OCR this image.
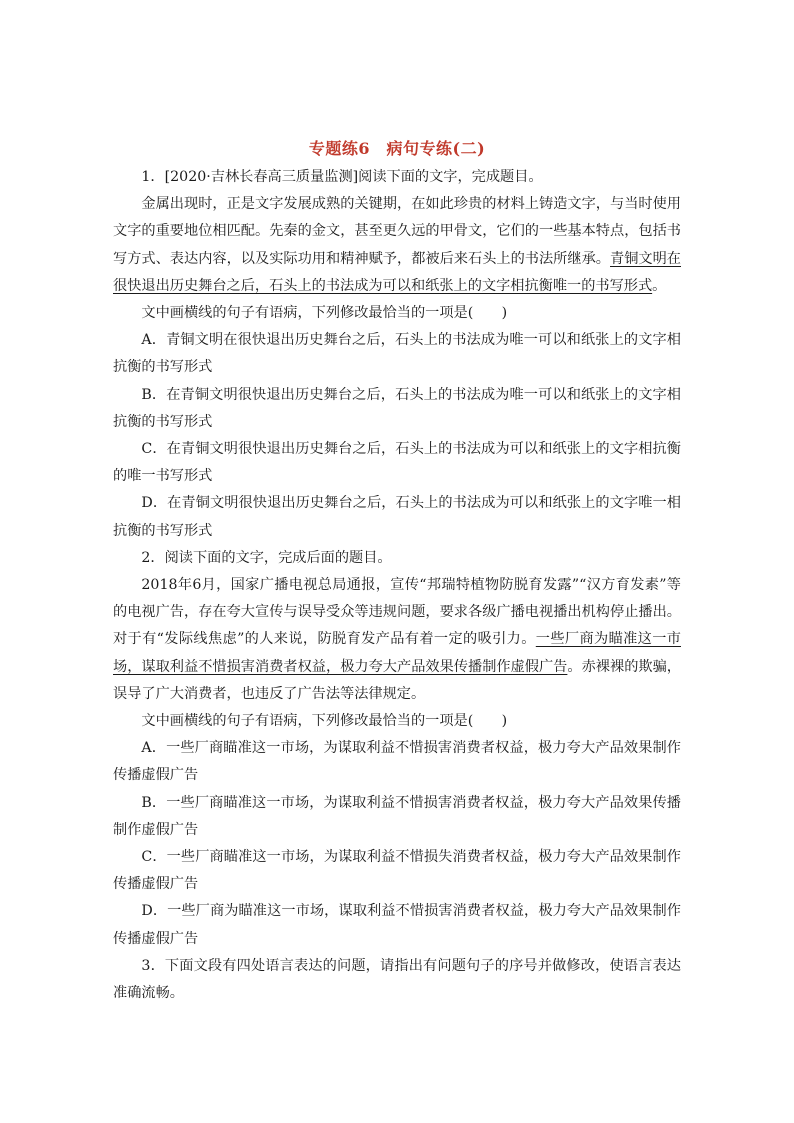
专题练6　病句专练(二)

1．[2020·吉林长春高三质量监测]阅读下面的文字，完成题目。

金属出现时，正是文字发展成熟的关键期，在如此珍贵的材料上铸造文字，与当时使用文字的重要地位相匹配。先秦的金文，甚至更久远的甲骨文，它们的一些基本特点，包括书写方式、表达内容，以及实际功用和精神赋予，都被后来石头上的书法所继承。青铜文明在很快退出历史舞台之后，石头上的书法成为可以和纸张上的文字相抗衡唯一的书写形式。

文中画横线的句子有语病，下列修改最恰当的一项是(　　)

A．青铜文明在很快退出历史舞台之后，石头上的书法成为唯一可以和纸张上的文字相抗衡的书写形式

B．在青铜文明很快退出历史舞台之后，石头上的书法成为唯一可以和纸张上的文字相抗衡的书写形式

C．在青铜文明很快退出历史舞台之后，石头上的书法成为可以和纸张上的文字相抗衡的唯一书写形式

D．在青铜文明很快退出历史舞台之后，石头上的书法成为可以和纸张上的文字唯一相抗衡的书写形式

2．阅读下面的文字，完成后面的题目。

2018年6月，国家广播电视总局通报，宣传“邦瑞特植物防脱育发露”“汉方育发素”等的电视广告，存在夸大宣传与误导受众等违规问题，要求各级广播电视播出机构停止播出。对于有“发际线焦虑”的人来说，防脱育发产品有着一定的吸引力。一些厂商为瞄准这一市场，谋取利益不惜损害消费者权益，极力夸大产品效果传播制作虚假广告。赤裸裸的欺骗，误导了广大消费者，也违反了广告法等法律规定。

文中画横线的句子有语病，下列修改最恰当的一项是(　　)

A．一些厂商瞄准这一市场，为谋取利益不惜损害消费者权益，极力夸大产品效果制作传播虚假广告

B．一些厂商瞄准这一市场，为谋取利益不惜损害消费者权益，极力夸大产品效果传播制作虚假广告

C．一些厂商瞄准这一市场，为谋取利益不惜损失消费者权益，极力夸大产品效果制作传播虚假广告

D．一些厂商为瞄准这一市场，谋取利益不惜损害消费者权益，极力夸大产品效果制作传播虚假广告

3．下面文段有四处语言表达的问题，请指出有问题句子的序号并做修改，使语言表达准确流畅。
